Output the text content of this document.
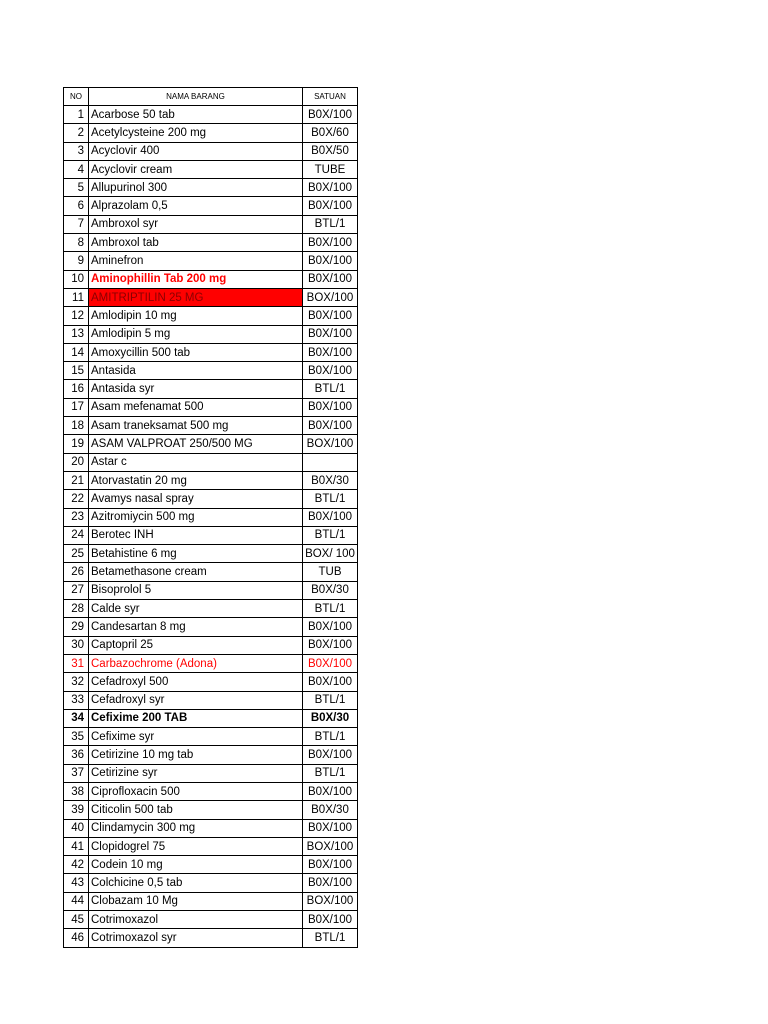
NO	NAMA BARANG	SATUAN
1	Acarbose 50 tab	B0X/100
2	Acetylcysteine 200 mg	B0X/60
3	Acyclovir 400	B0X/50
4	Acyclovir cream	TUBE
5	Allupurinol 300	B0X/100
6	Alprazolam 0,5	B0X/100
7	Ambroxol syr	BTL/1
8	Ambroxol tab	B0X/100
9	Aminefron	B0X/100
10	Aminophillin Tab 200 mg	B0X/100
11	AMITRIPTILIN 25 MG	BOX/100
12	Amlodipin 10 mg	B0X/100
13	Amlodipin 5 mg	B0X/100
14	Amoxycillin 500 tab	B0X/100
15	Antasida	B0X/100
16	Antasida syr	BTL/1
17	Asam mefenamat 500	B0X/100
18	Asam traneksamat 500 mg	B0X/100
19	ASAM VALPROAT 250/500 MG	BOX/100
20	Astar c	
21	Atorvastatin 20 mg	B0X/30
22	Avamys nasal spray	BTL/1
23	Azitromiycin 500 mg	B0X/100
24	Berotec INH	BTL/1
25	Betahistine 6 mg	BOX/ 100
26	Betamethasone cream	TUB
27	Bisoprolol 5	B0X/30
28	Calde syr	BTL/1
29	Candesartan 8 mg	B0X/100
30	Captopril 25	B0X/100
31	Carbazochrome (Adona)	B0X/100
32	Cefadroxyl 500	B0X/100
33	Cefadroxyl syr	BTL/1
34	Cefixime 200 TAB	B0X/30
35	Cefixime syr	BTL/1
36	Cetirizine 10 mg tab	B0X/100
37	Cetirizine syr	BTL/1
38	Ciprofloxacin 500	B0X/100
39	Citicolin 500 tab	B0X/30
40	Clindamycin 300 mg	B0X/100
41	Clopidogrel 75	BOX/100
42	Codein 10 mg	B0X/100
43	Colchicine 0,5 tab	B0X/100
44	Clobazam 10 Mg	BOX/100
45	Cotrimoxazol	B0X/100
46	Cotrimoxazol syr	BTL/1
